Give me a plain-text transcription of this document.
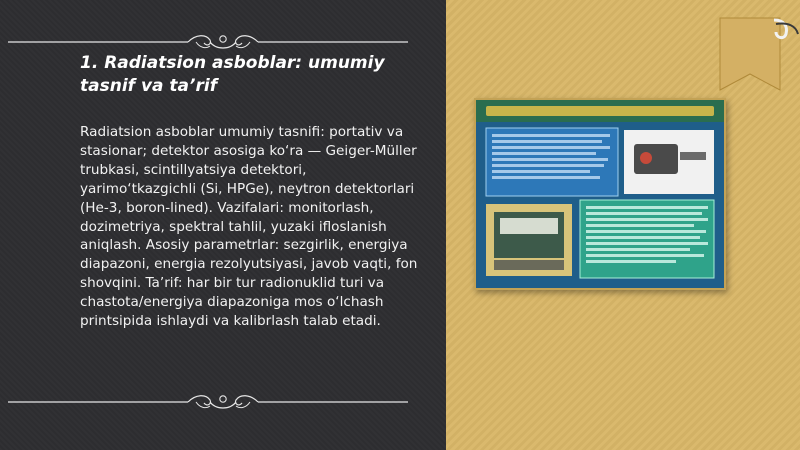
1. Radiatsion asboblar: umumiy tasnif va ta’rif

Radiatsion asboblar umumiy tasnifi: portativ va stasionar; detektor asosiga ko‘ra — Geiger-Müller trubkasi, scintillyatsiya detektori, yarimo‘tkazgichli (Si, HPGe), neytron detektorlari (He-3, boron-lined). Vazifalari: monitorlash, dozimetriya, spektral tahlil, yuzaki ifloslanish aniqlash. Asosiy parametrlar: sezgirlik, energiya diapazoni, energia rezolyutsiyasi, javob vaqti, fon shovqini. Ta’rif: har bir tur radionuklid turi va chastota/energiya diapazoniga mos o‘lchash printsipida ishlaydi va kalibrlash talab etadi.
